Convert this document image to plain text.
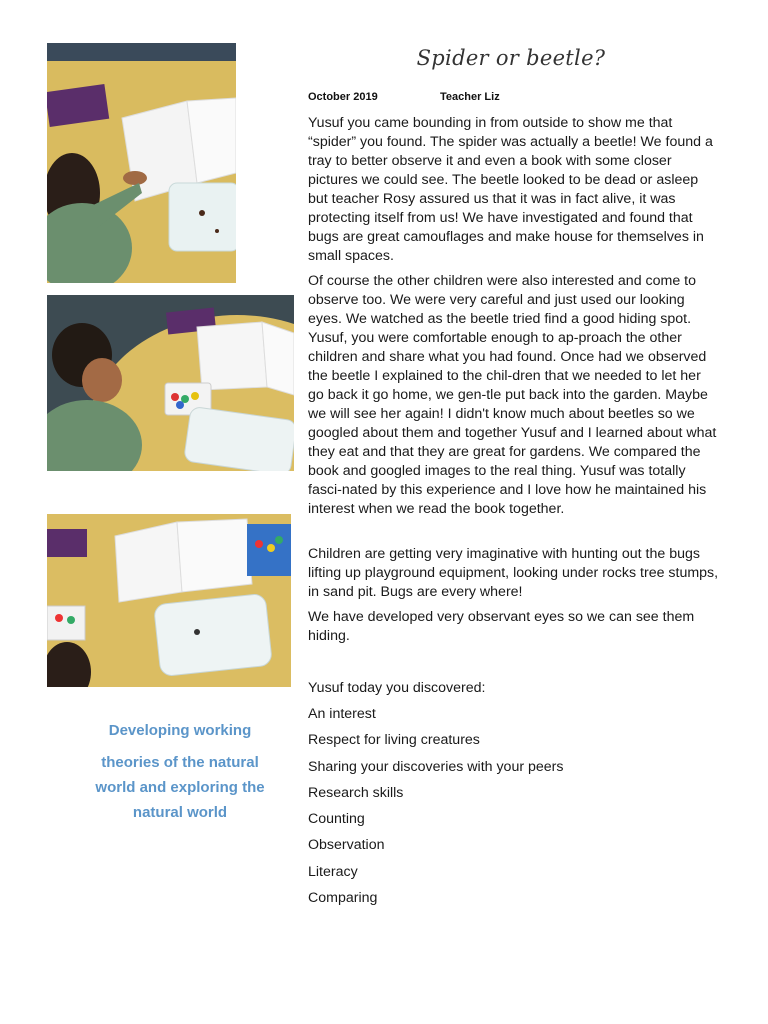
Developing working
theories of the natural world and exploring the natural world
Spider or beetle?
October 2019	Teacher Liz

Yusuf you came bounding in from outside to show me that “spider” you found. The spider was actually a beetle! We found a tray to better observe it and even a book with some closer pictures we could see. The beetle looked to be dead or asleep but teacher Rosy assured us that it was in fact alive, it was protecting itself from us! We have investigated and found that bugs are great camouflages and make house for themselves in small spaces.

Of course the other children were also interested and come to observe too. We were very careful and just used our looking eyes. We watched as the beetle tried find a good hiding spot. Yusuf, you were comfortable enough to ap-proach the other children and share what you had found. Once had we observed the beetle I explained to the chil-dren that we needed to let her go back it go home, we gen-tle put back into the garden. Maybe we will see her again! I didn't know much about beetles so we googled about them and together Yusuf and I learned about what they eat and that they are great for gardens. We compared the book and googled images to the real thing. Yusuf was totally fasci-nated by this experience and I love how he maintained his interest when we read the book together.

Children are getting very imaginative with hunting out the bugs lifting up playground equipment, looking under rocks tree stumps, in sand pit. Bugs are every where!

We have developed very observant eyes so we can see them hiding.

Yusuf today you discovered:
An interest
Respect for living creatures
Sharing your discoveries with your peers
Research skills
Counting
Observation
Literacy
Comparing
